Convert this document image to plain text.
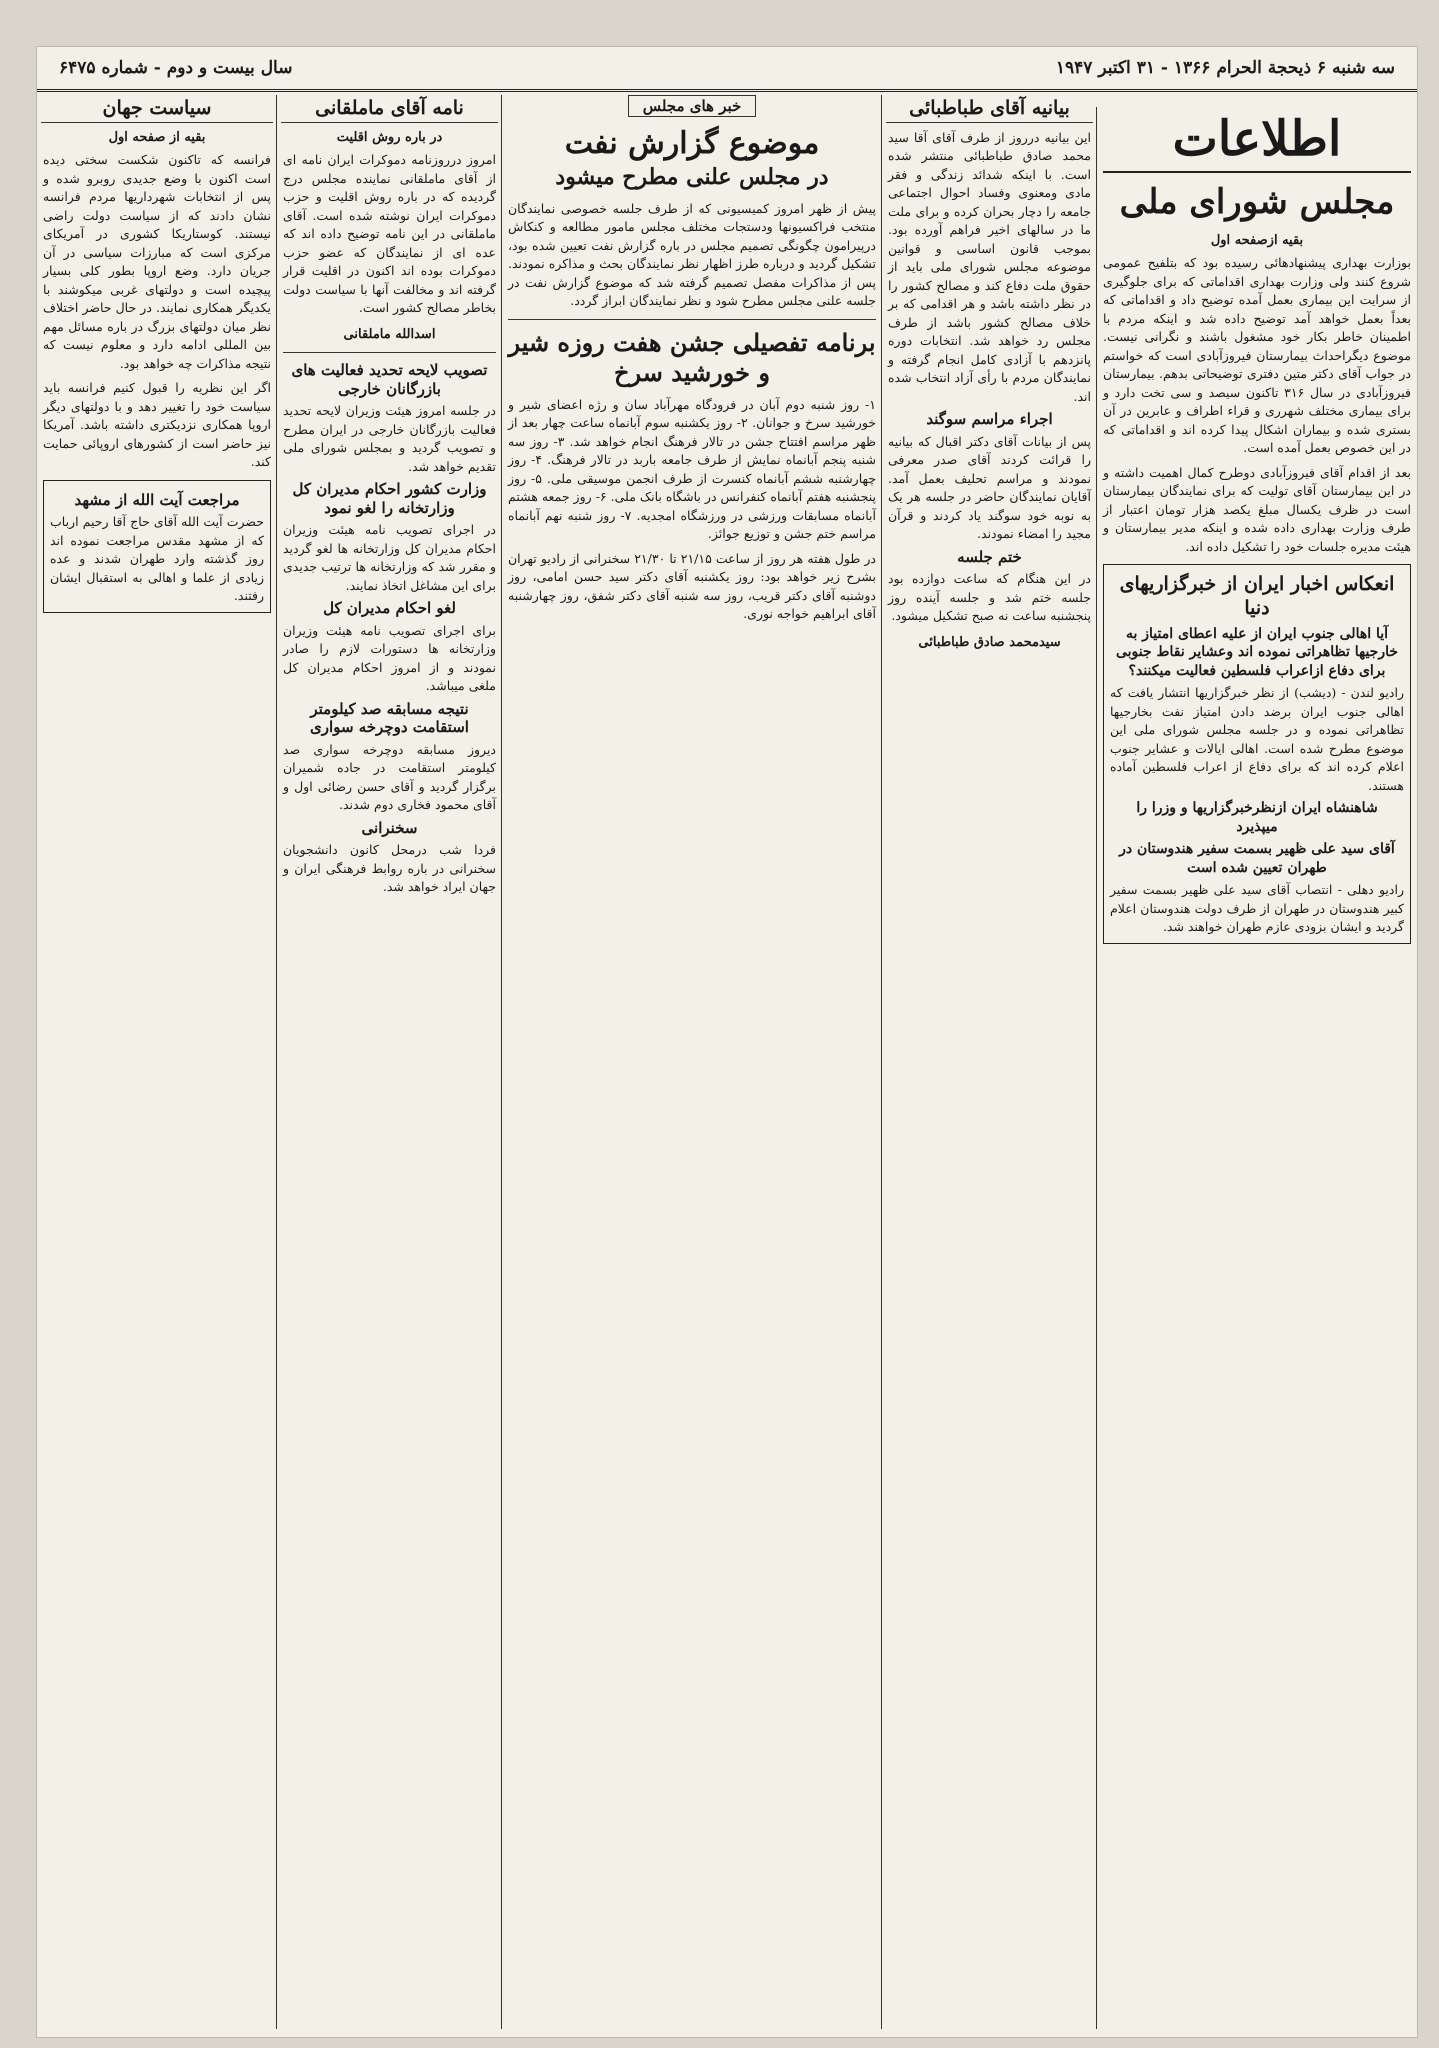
سه شنبه ۶ ذیحجة الحرام ۱۳۶۶ - ۳۱ اکتبر ۱۹۴۷
سال بیست و دوم - شماره ۶۴۷۵
اطلاعات
مجلس شورای ملی
بقیه ازصفحه اول

بوزارت بهداری پیشنهادهائی رسیده بود که بتلفیح عمومی شروع کنند ولی وزارت بهداری اقداماتی که برای جلوگیری از سرایت این بیماری بعمل آمده توضیح داد و اقداماتی که بعداً بعمل خواهد آمد توضیح داده شد و اینکه مردم با اطمینان خاطر بکار خود مشغول باشند و نگرانی نیست. موضوع دیگراحداث بیمارستان فیروزآبادی است که خواستم در جواب آقای دکتر متین دفتری توضیحاتی بدهم. بیمارستان فیروزآبادی در سال ۳۱۶ تاکنون سیصد و سی تخت دارد و برای بیماری مختلف شهرری و قراء اطراف و عابرین در آن بستری شده و بیماران اشکال پیدا کرده اند و اقداماتی که در این خصوص بعمل آمده است.

بعد از اقدام آقای فیروزآبادی دوطرح کمال اهمیت داشته و در این بیمارستان آقای تولیت که برای نمایندگان بیمارستان است در ظرف یکسال مبلغ یکصد هزار تومان اعتبار از طرف وزارت بهداری داده شده و اینکه مدیر بیمارستان و هیئت مدیره جلسات خود را تشکیل داده اند.

انعکاس اخبار ایران از خبرگزاریهای دنیا
آیا اهالی جنوب ایران از علیه اعطای امتیاز به خارجیها تظاهراتی نموده اند وعشایر نقاط جنوبی برای دفاع ازاعراب فلسطین فعالیت میکنند؟

رادیو لندن - (دیشب) از نظر خبرگزاریها انتشار یافت که اهالی جنوب ایران برضد دادن امتیاز نفت بخارجیها تظاهراتی نموده و در جلسه مجلس شورای ملی این موضوع مطرح شده است. اهالی ایالات و عشایر جنوب اعلام کرده اند که برای دفاع از اعراب فلسطین آماده هستند.

شاهنشاه ایران ازنظرخبرگزاریها و وزرا را میپذیرد
آقای سید علی ظهیر بسمت سفیر هندوستان در طهران تعیین شده است

رادیو دهلی - انتصاب آقای سید علی ظهیر بسمت سفیر کبیر هندوستان در طهران از طرف دولت هندوستان اعلام گردید و ایشان بزودی عازم طهران خواهند شد.

بیانیه آقای طباطبائی

این بیانیه درروز از طرف آقای آقا سید محمد صادق طباطبائی منتشر شده است. با اینکه شدائد زندگی و فقر مادی ومعنوی وفساد احوال اجتماعی جامعه را دچار بحران کرده و برای ملت ما در سالهای اخیر فراهم آورده بود. بموجب قانون اساسی و قوانین موضوعه مجلس شورای ملی باید از حقوق ملت دفاع کند و مصالح کشور را در نظر داشته باشد و هر اقدامی که بر خلاف مصالح کشور باشد از طرف مجلس رد خواهد شد. انتخابات دوره پانزدهم با آزادی کامل انجام گرفته و نمایندگان مردم با رأی آزاد انتخاب شده اند.

اجراء مراسم سوگند

پس از بیانات آقای دکتر اقبال که بیانیه را قرائت کردند آقای صدر معرفی نمودند و مراسم تحلیف بعمل آمد. آقایان نمایندگان حاضر در جلسه هر یک به نوبه خود سوگند یاد کردند و قرآن مجید را امضاء نمودند.

ختم جلسه

در این هنگام که ساعت دوازده بود جلسه ختم شد و جلسه آینده روز پنجشنبه ساعت نه صبح تشکیل میشود.

سیدمحمد صادق طباطبائی
خبر های مجلس
موضوع گزارش نفت
در مجلس علنی مطرح میشود

پیش از ظهر امروز کمیسیونی که از طرف جلسه خصوصی نمایندگان منتخب فراکسیونها ودستجات مختلف مجلس مامور مطالعه و کنکاش درپیرامون چگونگی تصمیم مجلس در باره گزارش نفت تعیین شده بود، تشکیل گردید و درباره طرز اظهار نظر نمایندگان بحث و مذاکره نمودند. پس از مذاکرات مفصل تصمیم گرفته شد که موضوع گزارش نفت در جلسه علنی مجلس مطرح شود و نظر نمایندگان ابراز گردد.

برنامه تفصیلی جشن هفت روزه شیر و خورشید سرخ

۱- روز شنبه دوم آبان در فرودگاه مهرآباد سان و رژه اعضای شیر و خورشید سرخ و جوانان. ۲- روز یکشنبه سوم آبانماه ساعت چهار بعد از ظهر مراسم افتتاح جشن در تالار فرهنگ انجام خواهد شد. ۳- روز سه شنبه پنجم آبانماه نمایش از طرف جامعه باربد در تالار فرهنگ. ۴- روز چهارشنبه ششم آبانماه کنسرت از طرف انجمن موسیقی ملی. ۵- روز پنجشنبه هفتم آبانماه کنفرانس در باشگاه بانک ملی. ۶- روز جمعه هشتم آبانماه مسابقات ورزشی در ورزشگاه امجدیه. ۷- روز شنبه نهم آبانماه مراسم ختم جشن و توزیع جوائز.

در طول هفته هر روز از ساعت ۲۱/۱۵ تا ۲۱/۳۰ سخنرانی از رادیو تهران بشرح زیر خواهد بود: روز یکشنبه آقای دکتر سید حسن امامی، روز دوشنبه آقای دکتر قریب، روز سه شنبه آقای دکتر شفق، روز چهارشنبه آقای ابراهیم خواجه نوری.

نامه آقای ماملقانی
در باره روش اقلیت

امروز درروزنامه دموکرات ایران نامه ای از آقای ماملقانی نماینده مجلس درج گردیده که در باره روش اقلیت و حزب دموکرات ایران نوشته شده است. آقای ماملقانی در این نامه توضیح داده اند که عده ای از نمایندگان که عضو حزب دموکرات بوده اند اکنون در اقلیت قرار گرفته اند و مخالفت آنها با سیاست دولت بخاطر مصالح کشور است.

اسدالله ماملقانی
تصویب لایحه تحدید فعالیت های بازرگانان خارجی

در جلسه امروز هیئت وزیران لایحه تحدید فعالیت بازرگانان خارجی در ایران مطرح و تصویب گردید و بمجلس شورای ملی تقدیم خواهد شد.

وزارت کشور احکام مدیران کل وزارتخانه را لغو نمود

در اجرای تصویب نامه هیئت وزیران احکام مدیران کل وزارتخانه ها لغو گردید و مقرر شد که وزارتخانه ها ترتیب جدیدی برای این مشاغل اتخاذ نمایند.

لغو احکام مدیران کل

برای اجرای تصویب نامه هیئت وزیران وزارتخانه ها دستورات لازم را صادر نمودند و از امروز احکام مدیران کل ملغی میباشد.

نتیجه مسابقه صد کیلومتر استقامت دوچرخه سواری

دیروز مسابقه دوچرخه سواری صد کیلومتر استقامت در جاده شمیران برگزار گردید و آقای حسن رضائی اول و آقای محمود فخاری دوم شدند.

سخنرانی

فردا شب درمحل کانون دانشجویان سخنرانی در باره روابط فرهنگی ایران و جهان ایراد خواهد شد.

سیاست جهان
بقیه از صفحه اول

فرانسه که تاکنون شکست سختی دیده است اکنون با وضع جدیدی روبرو شده و پس از انتخابات شهرداریها مردم فرانسه نشان دادند که از سیاست دولت راضی نیستند. کوستاریکا کشوری در آمریکای مرکزی است که مبارزات سیاسی در آن جریان دارد. وضع اروپا بطور کلی بسیار پیچیده است و دولتهای غربی میکوشند با یکدیگر همکاری نمایند. در حال حاضر اختلاف نظر میان دولتهای بزرگ در باره مسائل مهم بین المللی ادامه دارد و معلوم نیست که نتیجه مذاکرات چه خواهد بود.

اگر این نظریه را قبول کنیم فرانسه باید سیاست خود را تغییر دهد و با دولتهای دیگر اروپا همکاری نزدیکتری داشته باشد. آمریکا نیز حاضر است از کشورهای اروپائی حمایت کند.

مراجعت آیت الله از مشهد

حضرت آیت الله آقای حاج آقا رحیم ارباب که از مشهد مقدس مراجعت نموده اند روز گذشته وارد طهران شدند و عده زیادی از علما و اهالی به استقبال ایشان رفتند.
